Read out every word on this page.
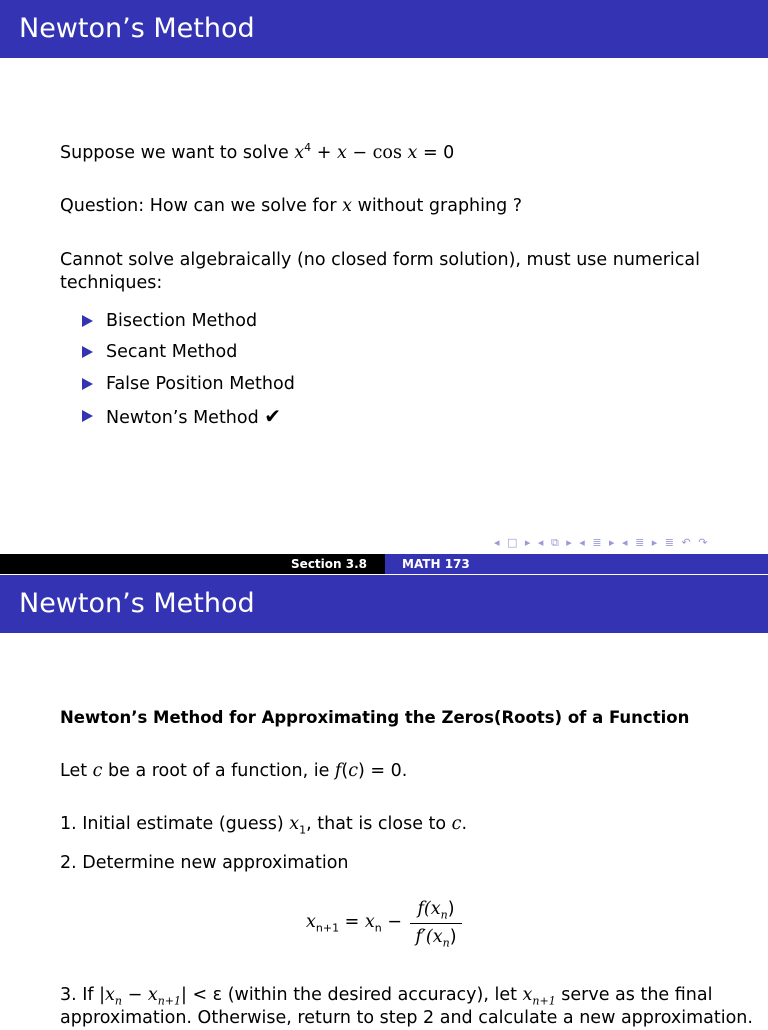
Newton’s Method
Suppose we want to solve $x^4 + x - \cos x = 0$
Question: How can we solve for x without graphing ?
Cannot solve algebraically (no closed form solution), must use numerical
techniques:
Bisection Method
Secant Method
False Position Method
Newton’s Method ✔
◂ □ ▸ ◂ ⧉ ▸ ◂ ≣ ▸ ◂ ≣ ▸ ≣ ↶ ↷
Section 3.8	MATH 173
Newton’s Method
Newton’s Method for Approximating the Zeros(Roots) of a Function
Let c be a root of a function, ie f(c) = 0.
1. Initial estimate (guess) $x_1$, that is close to c.
2. Determine new approximation
$x_{n+1} = x_n - \frac{f(x_n)}{f'(x_n)}$
3. If $|x_n - x_{n+1}| < \varepsilon$ (within the desired accuracy), let $x_{n+1}$ serve as the final
approximation. Otherwise, return to step 2 and calculate a new approximation.
